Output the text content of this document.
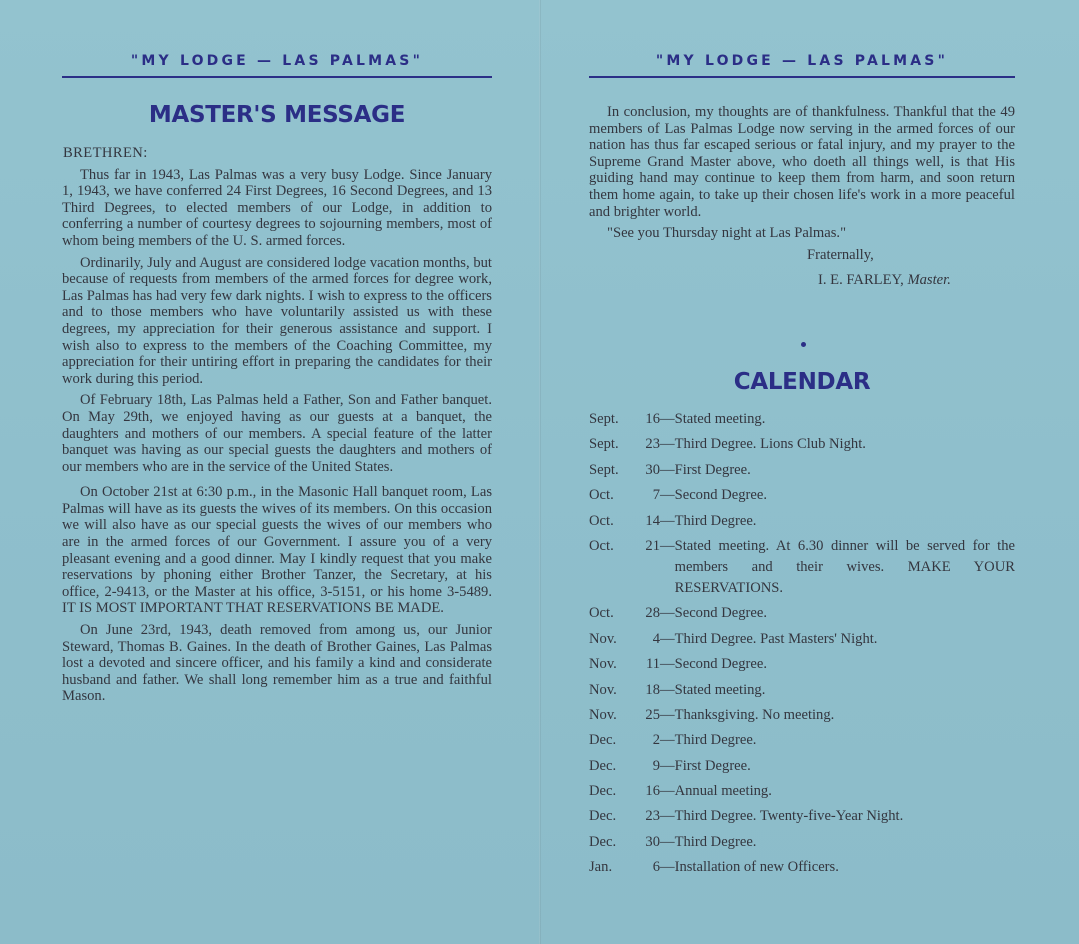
"MY LODGE — LAS PALMAS"
MASTER'S MESSAGE

BRETHREN:

Thus far in 1943, Las Palmas was a very busy Lodge. Since January 1, 1943, we have conferred 24 First Degrees, 16 Second Degrees, and 13 Third Degrees, to elected members of our Lodge, in addition to conferring a number of courtesy degrees to sojourning members, most of whom being members of the U. S. armed forces.

Ordinarily, July and August are considered lodge vacation months, but because of requests from members of the armed forces for degree work, Las Palmas has had very few dark nights. I wish to express to the officers and to those members who have voluntarily assisted us with these degrees, my appreciation for their generous assistance and support. I wish also to express to the members of the Coaching Committee, my appreciation for their untiring effort in preparing the candidates for their work during this period.

Of February 18th, Las Palmas held a Father, Son and Father banquet. On May 29th, we enjoyed having as our guests at a banquet, the daughters and mothers of our members. A special feature of the latter banquet was having as our special guests the daughters and mothers of our members who are in the service of the United States.

On October 21st at 6:30 p.m., in the Masonic Hall banquet room, Las Palmas will have as its guests the wives of its members. On this occasion we will also have as our special guests the wives of our members who are in the armed forces of our Government. I assure you of a very pleasant evening and a good dinner. May I kindly request that you make reservations by phoning either Brother Tanzer, the Secretary, at his office, 2-9413, or the Master at his office, 3-5151, or his home 3-5489. IT IS MOST IMPORTANT THAT RESERVATIONS BE MADE.

On June 23rd, 1943, death removed from among us, our Junior Steward, Thomas B. Gaines. In the death of Brother Gaines, Las Palmas lost a devoted and sincere officer, and his family a kind and considerate husband and father. We shall long remember him as a true and faithful Mason.

"MY LODGE — LAS PALMAS"

In conclusion, my thoughts are of thankfulness. Thankful that the 49 members of Las Palmas Lodge now serving in the armed forces of our nation has thus far escaped serious or fatal injury, and my prayer to the Supreme Grand Master above, who doeth all things well, is that His guiding hand may continue to keep them from harm, and soon return them home again, to take up their chosen life's work in a more peaceful and brighter world.

"See you Thursday night at Las Palmas."

Fraternally,

I. E. FARLEY, Master.

CALENDAR
Sept.	16 — Stated meeting.
Sept.	23 — Third Degree. Lions Club Night.
Sept.	30 — First Degree.
Oct.	7 — Second Degree.
Oct.	14 — Third Degree.
Oct.	21 — Stated meeting. At 6.30 dinner will be served for the members and their wives. MAKE YOUR RESERVATIONS.
Oct.	28 — Second Degree.
Nov.	4 — Third Degree. Past Masters' Night.
Nov.	11 — Second Degree.
Nov.	18 — Stated meeting.
Nov.	25 — Thanksgiving. No meeting.
Dec.	2 — Third Degree.
Dec.	9 — First Degree.
Dec.	16 — Annual meeting.
Dec.	23 — Third Degree. Twenty-five-Year Night.
Dec.	30 — Third Degree.
Jan.	6 — Installation of new Officers.
